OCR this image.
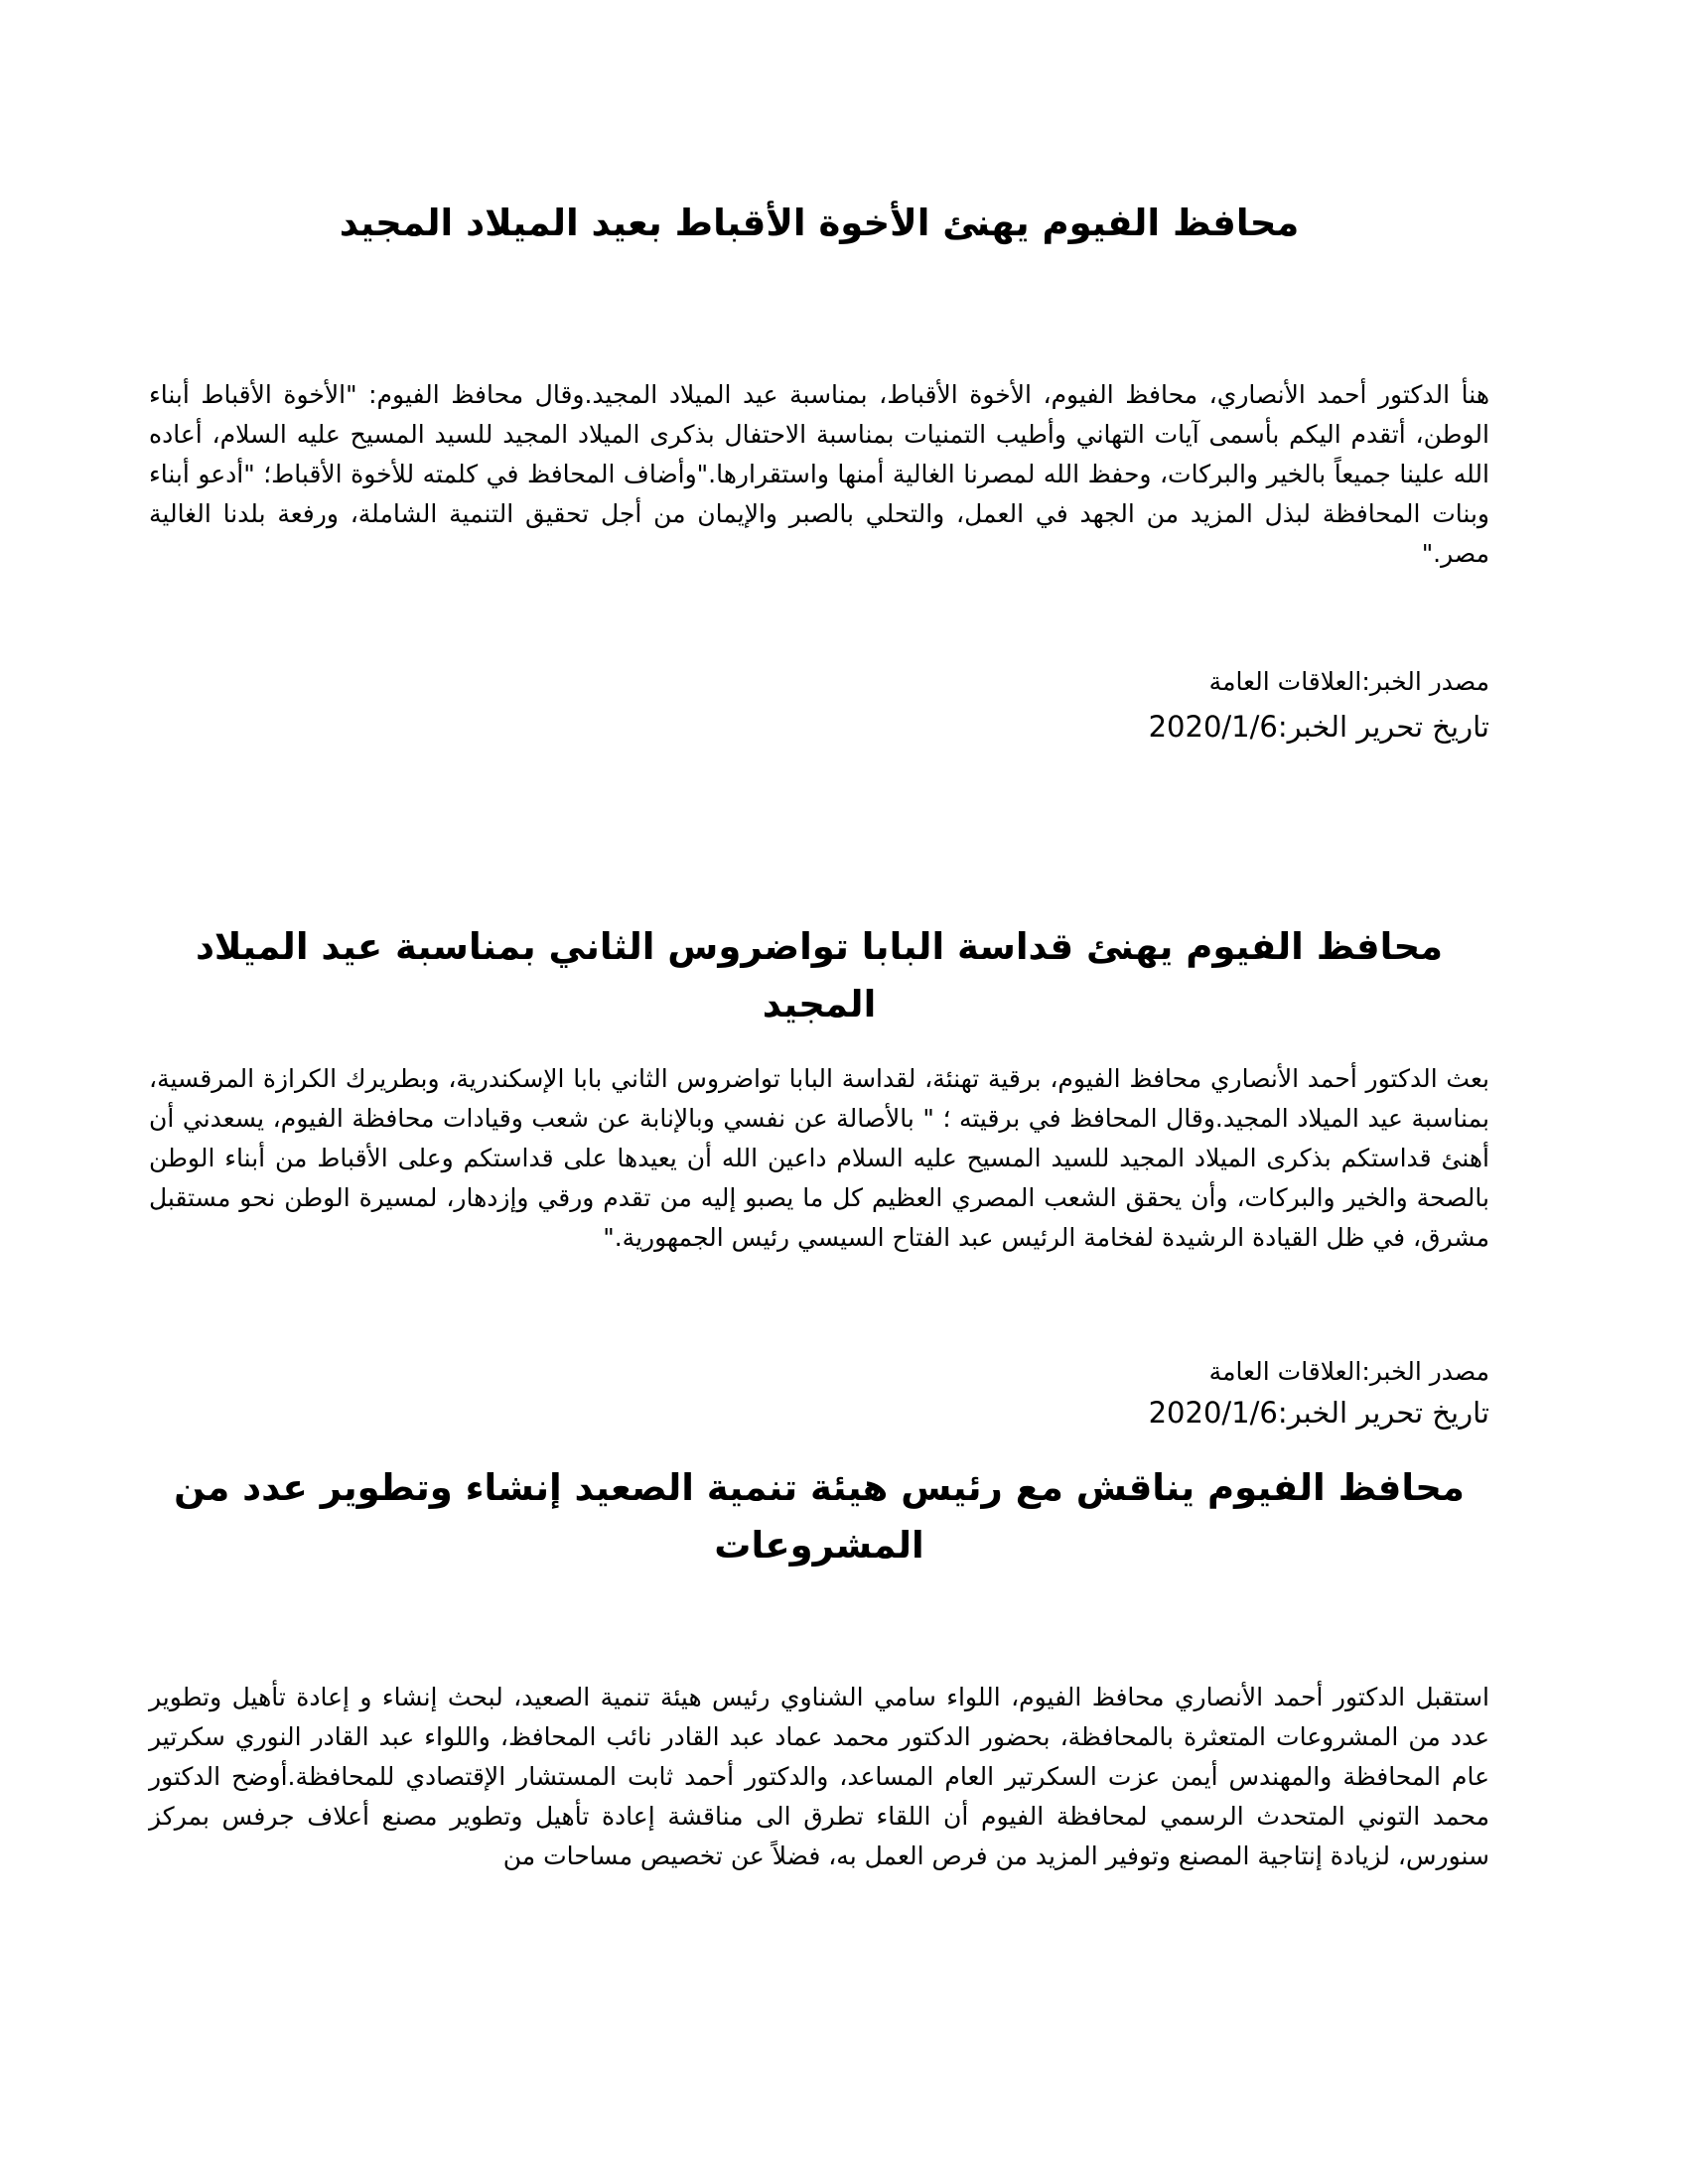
محافظ الفيوم يهنئ الأخوة الأقباط بعيد الميلاد المجيد

هنأ الدكتور أحمد الأنصاري، محافظ الفيوم، الأخوة الأقباط، بمناسبة عيد الميلاد المجيد.وقال محافظ الفيوم: "الأخوة الأقباط أبناء الوطن، أتقدم اليكم بأسمى آيات التهاني وأطيب التمنيات بمناسبة الاحتفال بذكرى الميلاد المجيد للسيد المسيح عليه السلام، أعاده الله علينا جميعاً بالخير والبركات، وحفظ الله لمصرنا الغالية أمنها واستقرارها."وأضاف المحافظ في كلمته للأخوة الأقباط؛ "أدعو أبناء وبنات المحافظة لبذل المزيد من الجهد في العمل، والتحلي بالصبر والإيمان من أجل تحقيق التنمية الشاملة، ورفعة بلدنا الغالية مصر."

مصدر الخبر:العلاقات العامة

تاريخ تحرير الخبر:2020/1/6

محافظ الفيوم يهنئ قداسة البابا تواضروس الثاني بمناسبة عيد الميلاد المجيد

بعث الدكتور أحمد الأنصاري محافظ الفيوم، برقية تهنئة، لقداسة البابا تواضروس الثاني بابا الإسكندرية، وبطريرك الكرازة المرقسية، بمناسبة عيد الميلاد المجيد.وقال المحافظ في برقيته ؛ " بالأصالة عن نفسي وبالإنابة عن شعب وقيادات محافظة الفيوم، يسعدني أن أهنئ قداستكم بذكرى الميلاد المجيد للسيد المسيح عليه السلام داعين الله أن يعيدها على قداستكم وعلى الأقباط من أبناء الوطن بالصحة والخير والبركات، وأن يحقق الشعب المصري العظيم كل ما يصبو إليه من تقدم ورقي وإزدهار، لمسيرة الوطن نحو مستقبل مشرق، في ظل القيادة الرشيدة لفخامة الرئيس عبد الفتاح السيسي رئيس الجمهورية."

مصدر الخبر:العلاقات العامة

تاريخ تحرير الخبر:2020/1/6

محافظ الفيوم يناقش مع رئيس هيئة تنمية الصعيد إنشاء وتطوير عدد من المشروعات

استقبل الدكتور أحمد الأنصاري محافظ الفيوم، اللواء سامي الشناوي رئيس هيئة تنمية الصعيد، لبحث إنشاء و إعادة تأهيل وتطوير عدد من المشروعات المتعثرة بالمحافظة، بحضور الدكتور محمد عماد عبد القادر نائب المحافظ، واللواء عبد القادر النوري سكرتير عام المحافظة والمهندس أيمن عزت السكرتير العام المساعد، والدكتور أحمد ثابت المستشار الإقتصادي للمحافظة.أوضح الدكتور محمد التوني المتحدث الرسمي لمحافظة الفيوم أن اللقاء تطرق الى مناقشة إعادة تأهيل وتطوير مصنع أعلاف جرفس بمركز سنورس، لزيادة إنتاجية المصنع وتوفير المزيد من فرص العمل به، فضلاً عن تخصيص مساحات من
